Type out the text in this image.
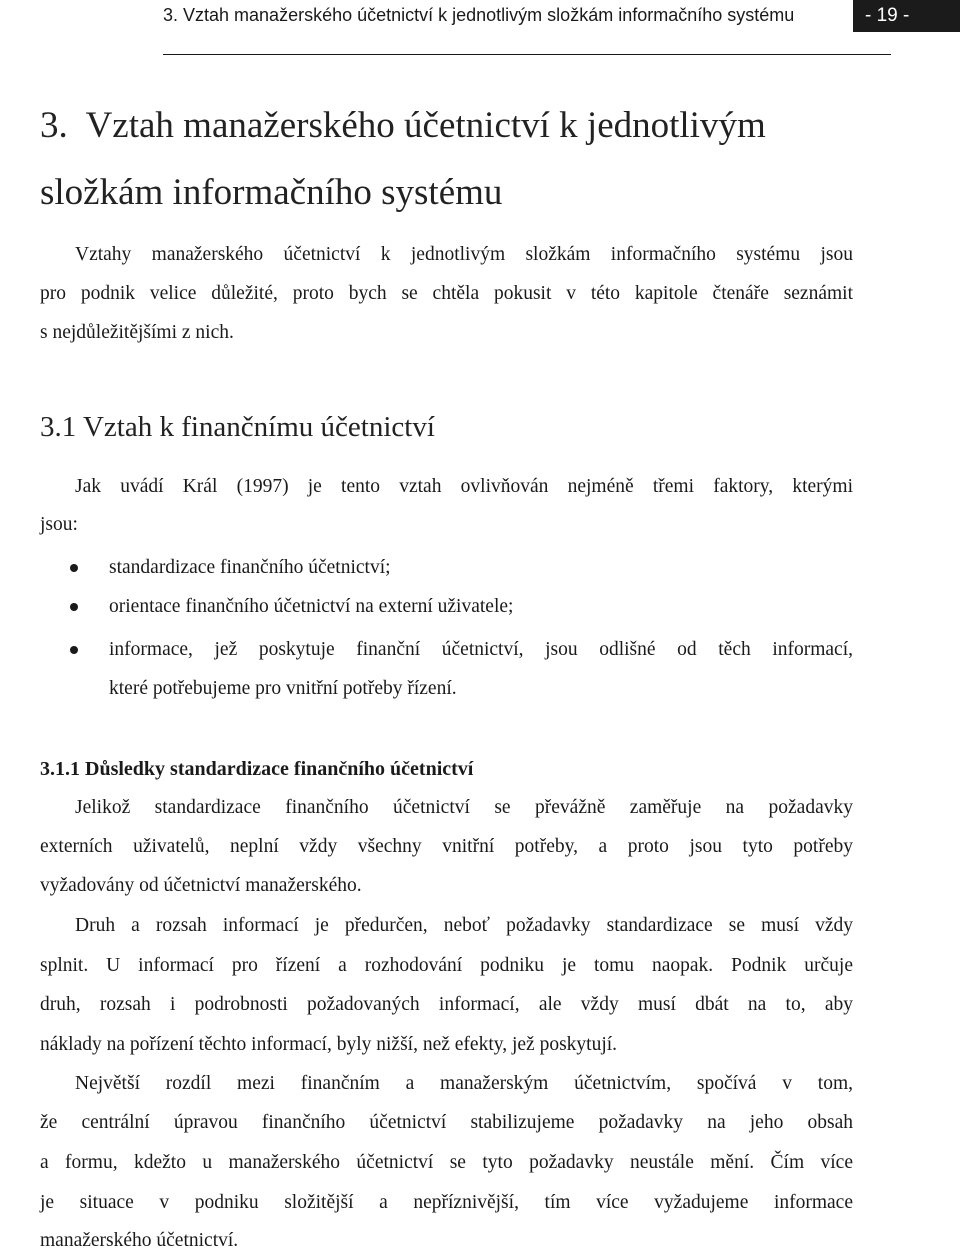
3. Vztah manažerského účetnictví k jednotlivým složkám informačního systému	- 19 -
3.  Vztah manažerského účetnictví k jednotlivým
složkám informačního systému
Vztahy manažerského účetnictví k jednotlivým složkám informačního systému jsou
pro podnik velice důležité, proto bych se chtěla pokusit v této kapitole čtenáře seznámit
s nejdůležitějšími z nich.
3.1 Vztah k finančnímu účetnictví
Jak uvádí Král (1997) je tento vztah ovlivňován nejméně třemi faktory, kterými
jsou:
standardizace finančního účetnictví;
orientace finančního účetnictví na externí uživatele;
informace, jež poskytuje finanční účetnictví, jsou odlišné od těch informací,
které potřebujeme pro vnitřní potřeby řízení.
3.1.1 Důsledky standardizace finančního účetnictví
Jelikož standardizace finančního účetnictví se převážně zaměřuje na požadavky
externích uživatelů, neplní vždy všechny vnitřní potřeby, a proto jsou tyto potřeby
vyžadovány od účetnictví manažerského.
Druh a rozsah informací je předurčen, neboť požadavky standardizace se musí vždy
splnit. U informací pro řízení a rozhodování podniku je tomu naopak. Podnik určuje
druh, rozsah i podrobnosti požadovaných informací, ale vždy musí dbát na to, aby
náklady na pořízení těchto informací, byly nižší, než efekty, jež poskytují.
Největší rozdíl mezi finančním a manažerským účetnictvím, spočívá v tom,
že centrální úpravou finančního účetnictví stabilizujeme požadavky na jeho obsah
a formu, kdežto u manažerského účetnictví se tyto požadavky neustále mění. Čím více
je situace v podniku složitější a nepříznivější, tím více vyžadujeme informace
manažerského účetnictví.
